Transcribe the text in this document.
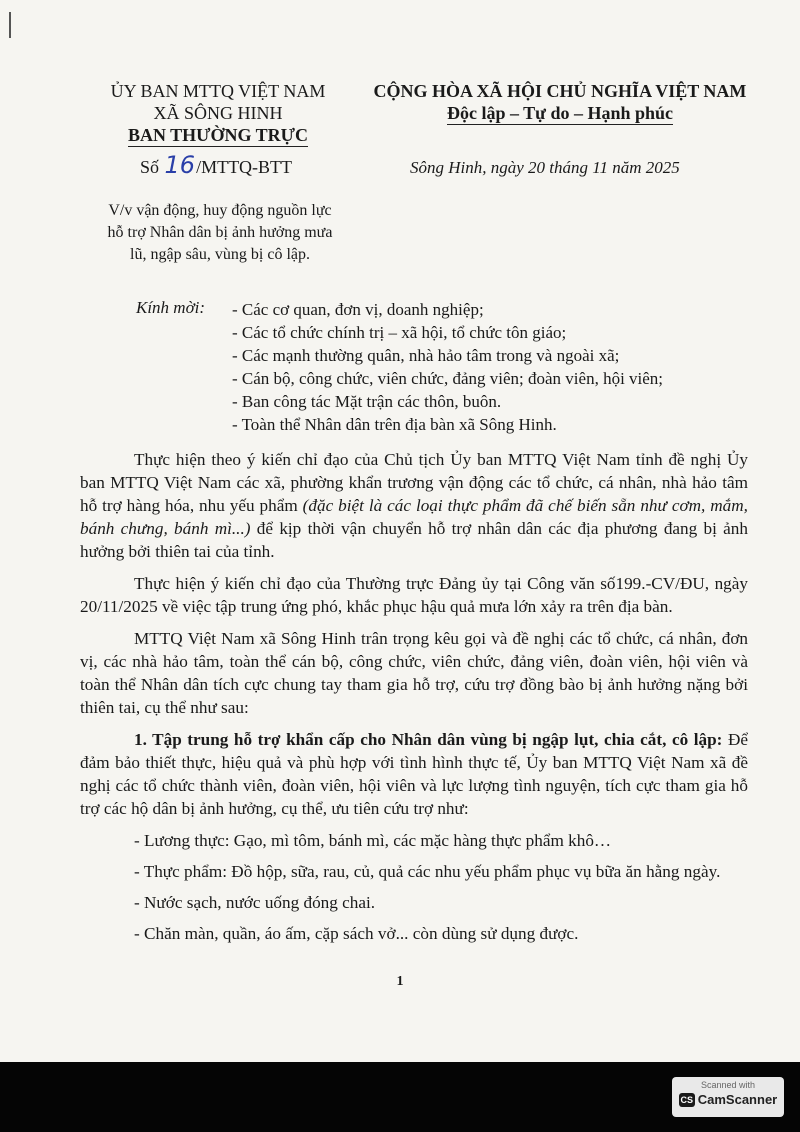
ỦY BAN MTTQ VIỆT NAM
XÃ SÔNG HINH
BAN THƯỜNG TRỰC
Số 16/MTTQ-BTT
CỘNG HÒA XÃ HỘI CHỦ NGHĨA VIỆT NAM
Độc lập – Tự do – Hạnh phúc
Sông Hinh, ngày 20 tháng 11 năm 2025
V/v vận động, huy động nguồn lực
hỗ trợ Nhân dân bị ảnh hưởng mưa
lũ, ngập sâu, vùng bị cô lập.
Kính mời: - Các cơ quan, đơn vị, doanh nghiệp;
- Các tổ chức chính trị – xã hội, tổ chức tôn giáo;
- Các mạnh thường quân, nhà hảo tâm trong và ngoài xã;
- Cán bộ, công chức, viên chức, đảng viên; đoàn viên, hội viên;
- Ban công tác Mặt trận các thôn, buôn.
- Toàn thể Nhân dân trên địa bàn xã Sông Hinh.

Thực hiện theo ý kiến chỉ đạo của Chủ tịch Ủy ban MTTQ Việt Nam tỉnh đề nghị Ủy ban MTTQ Việt Nam các xã, phường khẩn trương vận động các tổ chức, cá nhân, nhà hảo tâm hỗ trợ hàng hóa, nhu yếu phẩm (đặc biệt là các loại thực phẩm đã chế biến sẵn như cơm, mắm, bánh chưng, bánh mì...) để kịp thời vận chuyển hỗ trợ nhân dân các địa phương đang bị ảnh hưởng bởi thiên tai của tỉnh.

Thực hiện ý kiến chỉ đạo của Thường trực Đảng ủy tại Công văn số199.-CV/ĐU, ngày 20/11/2025 về việc tập trung ứng phó, khắc phục hậu quả mưa lớn xảy ra trên địa bàn.

MTTQ Việt Nam xã Sông Hinh trân trọng kêu gọi và đề nghị các tổ chức, cá nhân, đơn vị, các nhà hảo tâm, toàn thể cán bộ, công chức, viên chức, đảng viên, đoàn viên, hội viên và toàn thể Nhân dân tích cực chung tay tham gia hỗ trợ, cứu trợ đồng bào bị ảnh hưởng nặng bởi thiên tai, cụ thể như sau:

1. Tập trung hỗ trợ khẩn cấp cho Nhân dân vùng bị ngập lụt, chia cắt, cô lập: Để đảm bảo thiết thực, hiệu quả và phù hợp với tình hình thực tế, Ủy ban MTTQ Việt Nam xã đề nghị các tổ chức thành viên, đoàn viên, hội viên và lực lượng tình nguyện, tích cực tham gia hỗ trợ các hộ dân bị ảnh hưởng, cụ thể, ưu tiên cứu trợ như:

- Lương thực: Gạo, mì tôm, bánh mì, các mặc hàng thực phẩm khô…

- Thực phẩm: Đồ hộp, sữa, rau, củ, quả các nhu yếu phẩm phục vụ bữa ăn hằng ngày.

- Nước sạch, nước uống đóng chai.

- Chăn màn, quần, áo ấm, cặp sách vở... còn dùng sử dụng được.

1
Scanned with
CS CamScanner
